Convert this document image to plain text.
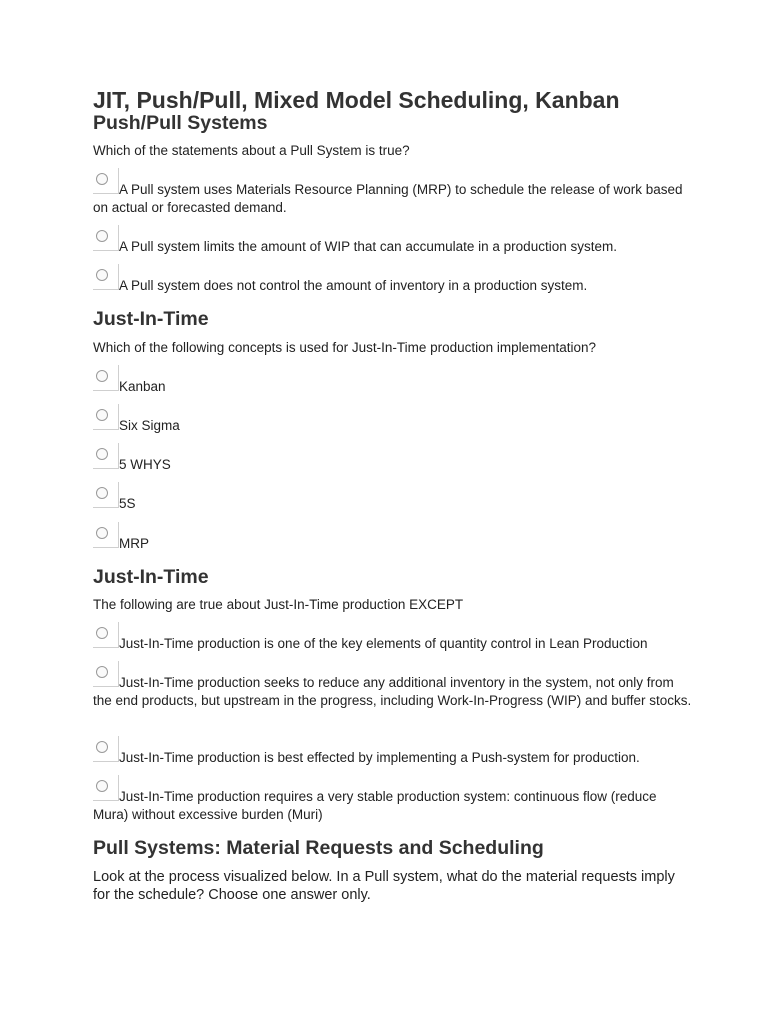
JIT, Push/Pull, Mixed Model Scheduling, Kanban
Push/Pull Systems

Which of the statements about a Pull System is true?

A Pull system uses Materials Resource Planning (MRP) to schedule the release of work based on actual or forecasted demand.
A Pull system limits the amount of WIP that can accumulate in a production system.
A Pull system does not control the amount of inventory in a production system.
Just-In-Time

Which of the following concepts is used for Just-In-Time production implementation?

Kanban
Six Sigma
5 WHYS
5S
MRP
Just-In-Time

The following are true about Just-In-Time production EXCEPT

Just-In-Time production is one of the key elements of quantity control in Lean Production
Just-In-Time production seeks to reduce any additional inventory in the system, not only from the end products, but upstream in the progress, including Work-In-Progress (WIP) and buffer stocks.
Just-In-Time production is best effected by implementing a Push-system for production.
Just-In-Time production requires a very stable production system: continuous flow (reduce Mura) without excessive burden (Muri)
Pull Systems: Material Requests and Scheduling

Look at the process visualized below. In a Pull system, what do the material requests imply for the schedule? Choose one answer only.
